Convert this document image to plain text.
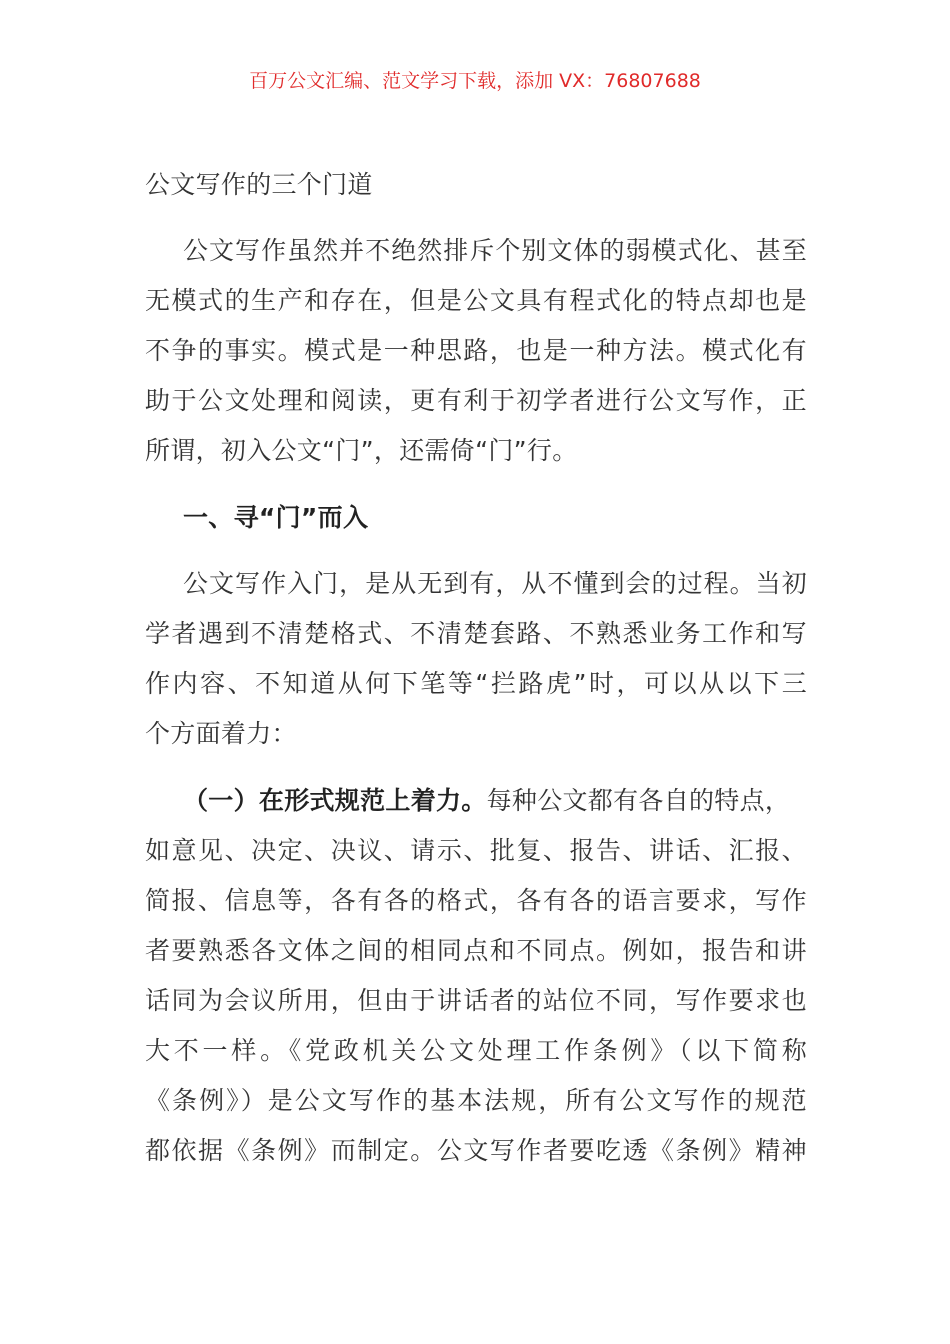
百万公文汇编、范文学习下载，添加 VX：76807688
公文写作的三个门道
公文写作虽然并不绝然排斥个别文体的弱模式化、甚至
无模式的生产和存在，但是公文具有程式化的特点却也是
不争的事实。模式是一种思路，也是一种方法。模式化有
助于公文处理和阅读，更有利于初学者进行公文写作，正
所谓，初入公文“门”，还需倚“门”行。
一、寻“门”而入
公文写作入门，是从无到有，从不懂到会的过程。当初
学者遇到不清楚格式、不清楚套路、不熟悉业务工作和写
作内容、不知道从何下笔等“拦路虎”时，可以从以下三
个方面着力：
（一）在形式规范上着力。每种公文都有各自的特点，
如意见、决定、决议、请示、批复、报告、讲话、汇报、
简报、信息等，各有各的格式，各有各的语言要求，写作
者要熟悉各文体之间的相同点和不同点。例如，报告和讲
话同为会议所用，但由于讲话者的站位不同，写作要求也
大不一样。《党政机关公文处理工作条例》（以下简称
《条例》）是公文写作的基本法规，所有公文写作的规范
都依据《条例》而制定。公文写作者要吃透《条例》精神
